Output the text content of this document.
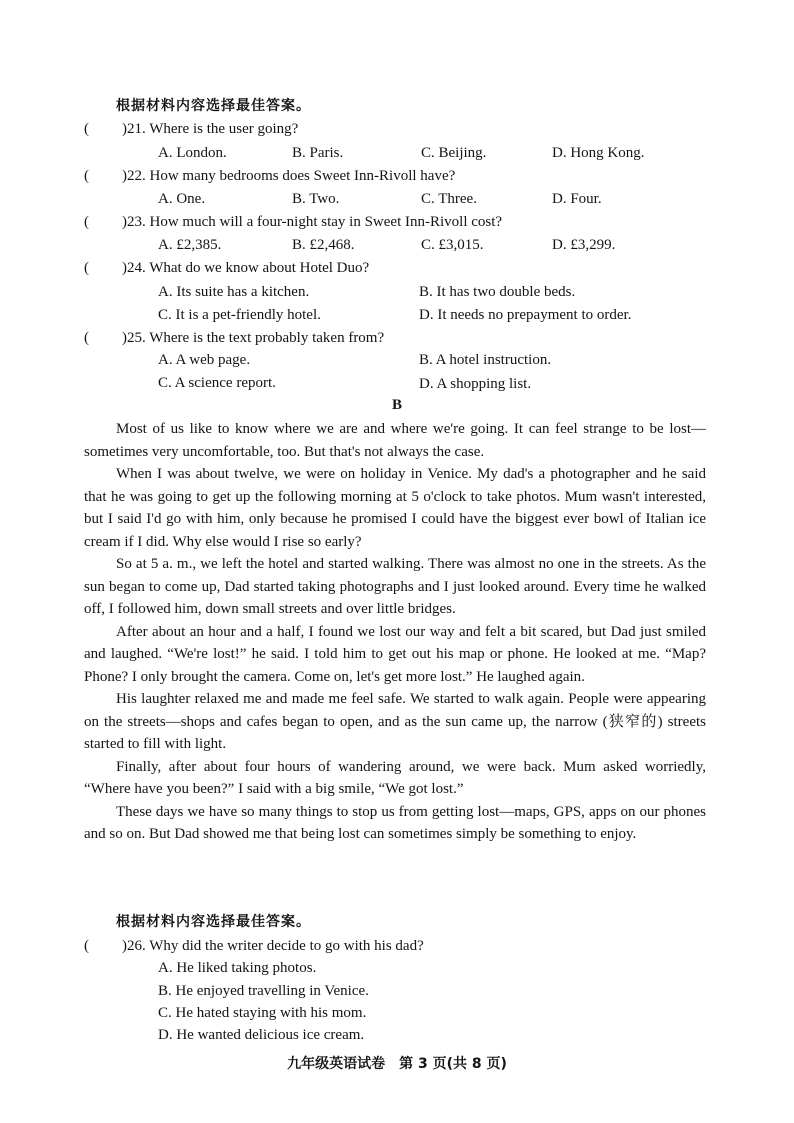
根据材料内容选择最佳答案。
( )21. Where is the user going?
A. London.	B. Paris.	C. Beijing.	D. Hong Kong.
( )22. How many bedrooms does Sweet Inn-Rivoll have?
A. One.	B. Two.	C. Three.	D. Four.
( )23. How much will a four-night stay in Sweet Inn-Rivoll cost?
A. £2,385.	B. £2,468.	C. £3,015.	D. £3,299.
( )24. What do we know about Hotel Duo?
A. Its suite has a kitchen.	B. It has two double beds.
C. It is a pet-friendly hotel.	D. It needs no prepayment to order.
( )25. Where is the text probably taken from?
A. A web page.	B. A hotel instruction.
C. A science report.	D. A shopping list.
B

Most of us like to know where we are and where we're going. It can feel strange to be lost—sometimes very uncomfortable, too. But that's not always the case.

When I was about twelve, we were on holiday in Venice. My dad's a photographer and he said that he was going to get up the following morning at 5 o'clock to take photos. Mum wasn't interested, but I said I'd go with him, only because he promised I could have the biggest ever bowl of Italian ice cream if I did. Why else would I rise so early?

So at 5 a. m., we left the hotel and started walking. There was almost no one in the streets. As the sun began to come up, Dad started taking photographs and I just looked around. Every time he walked off, I followed him, down small streets and over little bridges.

After about an hour and a half, I found we lost our way and felt a bit scared, but Dad just smiled and laughed. “We're lost!” he said. I told him to get out his map or phone. He looked at me. “Map? Phone? I only brought the camera. Come on, let's get more lost.” He laughed again.

His laughter relaxed me and made me feel safe. We started to walk again. People were appearing on the streets—shops and cafes began to open, and as the sun came up, the narrow (狭窄的) streets started to fill with light.

Finally, after about four hours of wandering around, we were back. Mum asked worriedly, “Where have you been?” I said with a big smile, “We got lost.”

These days we have so many things to stop us from getting lost—maps, GPS, apps on our phones and so on. But Dad showed me that being lost can sometimes simply be something to enjoy.

根据材料内容选择最佳答案。
( )26. Why did the writer decide to go with his dad?
A. He liked taking photos.
B. He enjoyed travelling in Venice.
C. He hated staying with his mom.
D. He wanted delicious ice cream.
九年级英语试卷　第 3 页(共 8 页)
